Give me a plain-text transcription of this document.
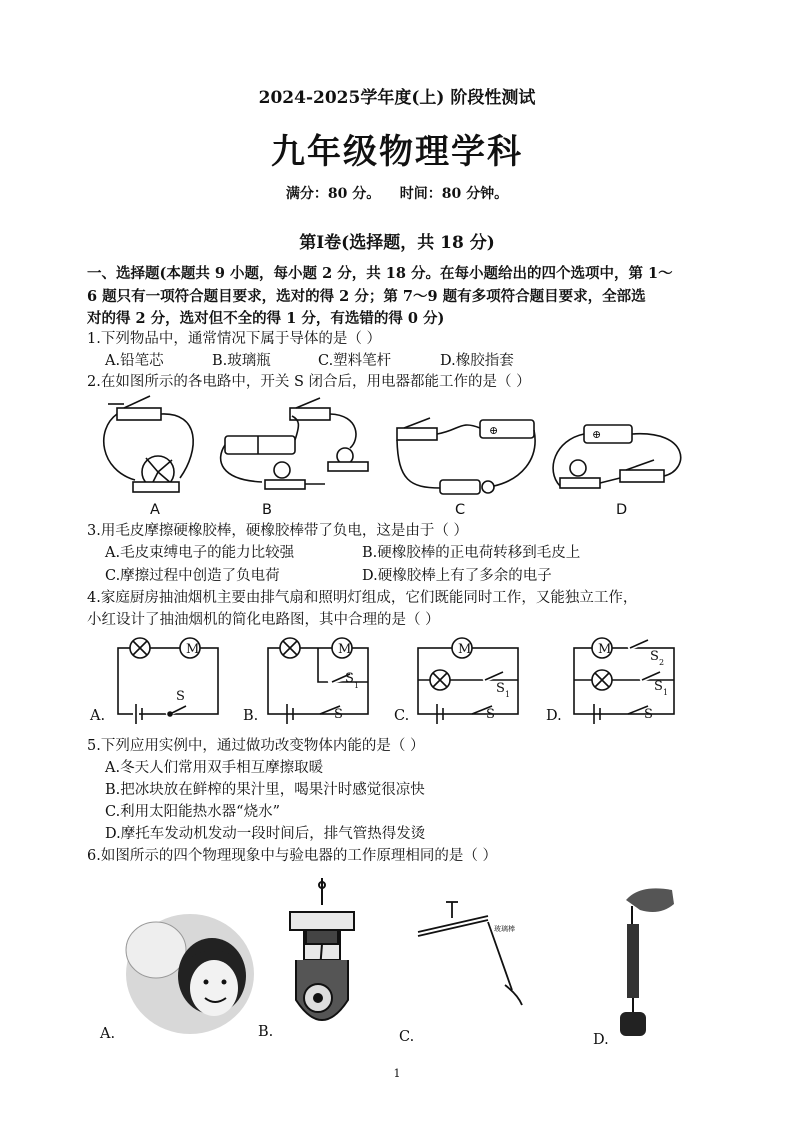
2024-2025学年度(上) 阶段性测试
九年级物理学科
满分：80 分。    时间：80 分钟。
第Ⅰ卷(选择题，共 18 分)
一、选择题(本题共 9 小题，每小题 2 分，共 18 分。在每小题给出的四个选项中，第 1～
6 题只有一项符合题目要求，选对的得 2 分；第 7～9 题有多项符合题目要求，全部选
对的得 2 分，选对但不全的得 1 分，有选错的得 0 分)
1.下列物品中，通常情况下属于导体的是（ ）
A.铅笔芯	B.玻璃瓶	C.塑料笔杆	D.橡胶指套
2.在如图所示的各电路中，开关 S 闭合后，用电器都能工作的是（ ）
A	B
⊕
C
⊕
D
3.用毛皮摩擦硬橡胶棒，硬橡胶棒带了负电，这是由于（ ）
A.毛皮束缚电子的能力比较强	B.硬橡胶棒的正电荷转移到毛皮上
C.摩擦过程中创造了负电荷	D.硬橡胶棒上有了多余的电子
4.家庭厨房抽油烟机主要由排气扇和照明灯组成，它们既能同时工作，又能独立工作，
小红设计了抽油烟机的简化电路图，其中合理的是（ ）
M
S
M
S 1
S
M
S 1
S
M	S 2
S 1
S
A.	B.	C.	D.
5.下列应用实例中，通过做功改变物体内能的是（ ）
A.冬天人们常用双手相互摩擦取暖
B.把冰块放在鲜榨的果汁里，喝果汁时感觉很凉快
C.利用太阳能热水器“烧水”
D.摩托车发动机发动一段时间后，排气管热得发烫
6.如图所示的四个物理现象中与验电器的工作原理相同的是（ ）
A.	B.
玻璃棒
C.	D.
1
